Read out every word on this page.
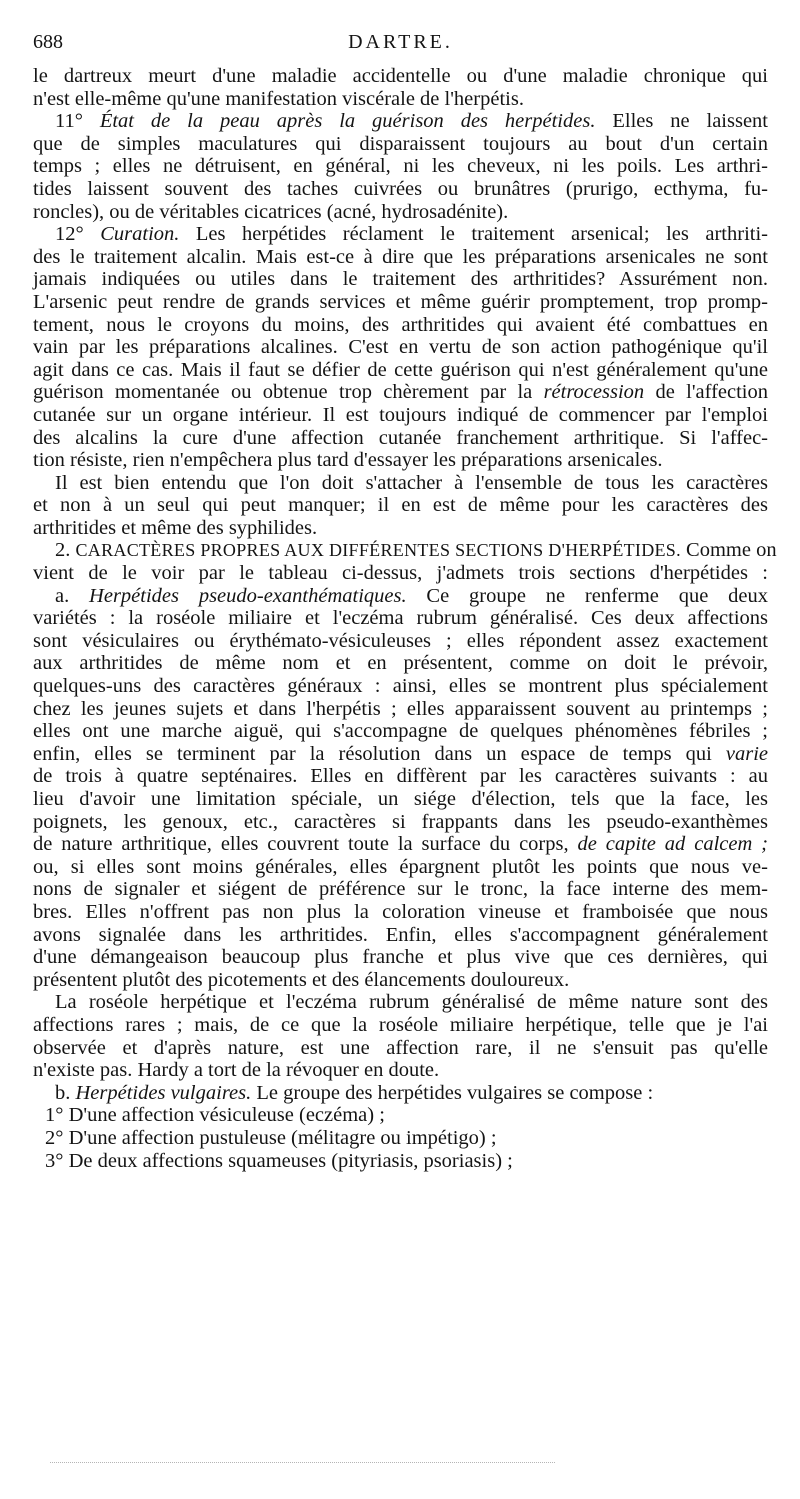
688	DARTRE.
le dartreux meurt d'une maladie accidentelle ou d'une maladie chronique qui
n'est elle-même qu'une manifestation viscérale de l'herpétis.
11° État de la peau après la guérison des herpétides. Elles ne laissent
que de simples maculatures qui disparaissent toujours au bout d'un certain
temps ; elles ne détruisent, en général, ni les cheveux, ni les poils. Les arthri-
tides laissent souvent des taches cuivrées ou brunâtres (prurigo, ecthyma, fu-
roncles), ou de véritables cicatrices (acné, hydrosadénite).
12° Curation. Les herpétides réclament le traitement arsenical; les arthriti-
des le traitement alcalin. Mais est-ce à dire que les préparations arsenicales ne sont
jamais indiquées ou utiles dans le traitement des arthritides? Assurément non.
L'arsenic peut rendre de grands services et même guérir promptement, trop promp-
tement, nous le croyons du moins, des arthritides qui avaient été combattues en
vain par les préparations alcalines. C'est en vertu de son action pathogénique qu'il
agit dans ce cas. Mais il faut se défier de cette guérison qui n'est généralement qu'une
guérison momentanée ou obtenue trop chèrement par la rétrocession de l'affection
cutanée sur un organe intérieur. Il est toujours indiqué de commencer par l'emploi
des alcalins la cure d'une affection cutanée franchement arthritique. Si l'affec-
tion résiste, rien n'empêchera plus tard d'essayer les préparations arsenicales.
Il est bien entendu que l'on doit s'attacher à l'ensemble de tous les caractères
et non à un seul qui peut manquer; il en est de même pour les caractères des
arthritides et même des syphilides.
2. CARACTÈRES PROPRES AUX DIFFÉRENTES SECTIONS D'HERPÉTIDES. Comme on
vient de le voir par le tableau ci-dessus, j'admets trois sections d'herpétides :
a. Herpétides pseudo-exanthématiques. Ce groupe ne renferme que deux
variétés : la roséole miliaire et l'eczéma rubrum généralisé. Ces deux affections
sont vésiculaires ou érythémato-vésiculeuses ; elles répondent assez exactement
aux arthritides de même nom et en présentent, comme on doit le prévoir,
quelques-uns des caractères généraux : ainsi, elles se montrent plus spécialement
chez les jeunes sujets et dans l'herpétis ; elles apparaissent souvent au printemps ;
elles ont une marche aiguë, qui s'accompagne de quelques phénomènes fébriles ;
enfin, elles se terminent par la résolution dans un espace de temps qui varie
de trois à quatre septénaires. Elles en diffèrent par les caractères suivants : au
lieu d'avoir une limitation spéciale, un siége d'élection, tels que la face, les
poignets, les genoux, etc., caractères si frappants dans les pseudo-exanthèmes
de nature arthritique, elles couvrent toute la surface du corps, de capite ad calcem ;
ou, si elles sont moins générales, elles épargnent plutôt les points que nous ve-
nons de signaler et siégent de préférence sur le tronc, la face interne des mem-
bres. Elles n'offrent pas non plus la coloration vineuse et framboisée que nous
avons signalée dans les arthritides. Enfin, elles s'accompagnent généralement
d'une démangeaison beaucoup plus franche et plus vive que ces dernières, qui
présentent plutôt des picotements et des élancements douloureux.
La roséole herpétique et l'eczéma rubrum généralisé de même nature sont des
affections rares ; mais, de ce que la roséole miliaire herpétique, telle que je l'ai
observée et d'après nature, est une affection rare, il ne s'ensuit pas qu'elle
n'existe pas. Hardy a tort de la révoquer en doute.
b. Herpétides vulgaires. Le groupe des herpétides vulgaires se compose :
1° D'une affection vésiculeuse (eczéma) ;
2° D'une affection pustuleuse (mélitagre ou impétigo) ;
3° De deux affections squameuses (pityriasis, psoriasis) ;
